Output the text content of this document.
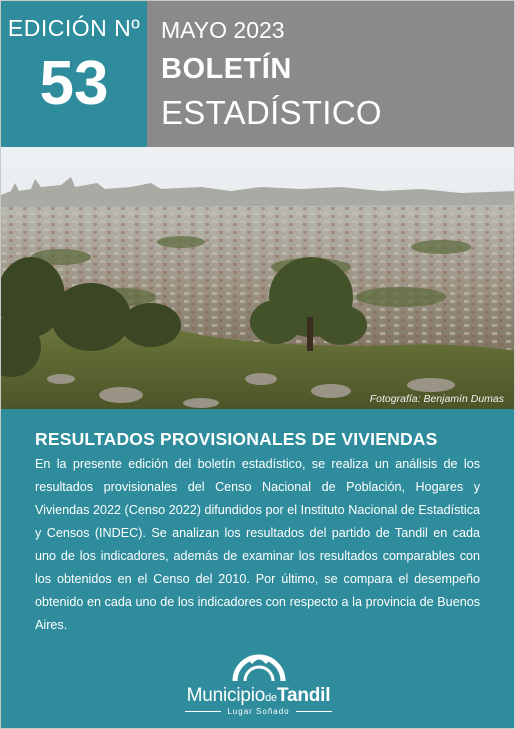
EDICIÓN Nº
53
MAYO 2023
BOLETÍN
ESTADÍSTICO
Fotografía: Benjamín Dumas
RESULTADOS PROVISIONALES DE VIVIENDAS
En la presente edición del boletín estadístico, se realiza un análisis de los resultados provisionales del Censo Nacional de Población, Hogares y Viviendas 2022 (Censo 2022) difundidos por el Instituto Nacional de Estadística y Censos (INDEC). Se analizan los resultados del partido de Tandil en cada uno de los indicadores, además de examinar los resultados comparables con los obtenidos en el Censo del 2010. Por último, se compara el desempeño obtenido en cada uno de los indicadores con respecto a la provincia de Buenos Aires.
MunicipiodeTandil
Lugar Soñado
